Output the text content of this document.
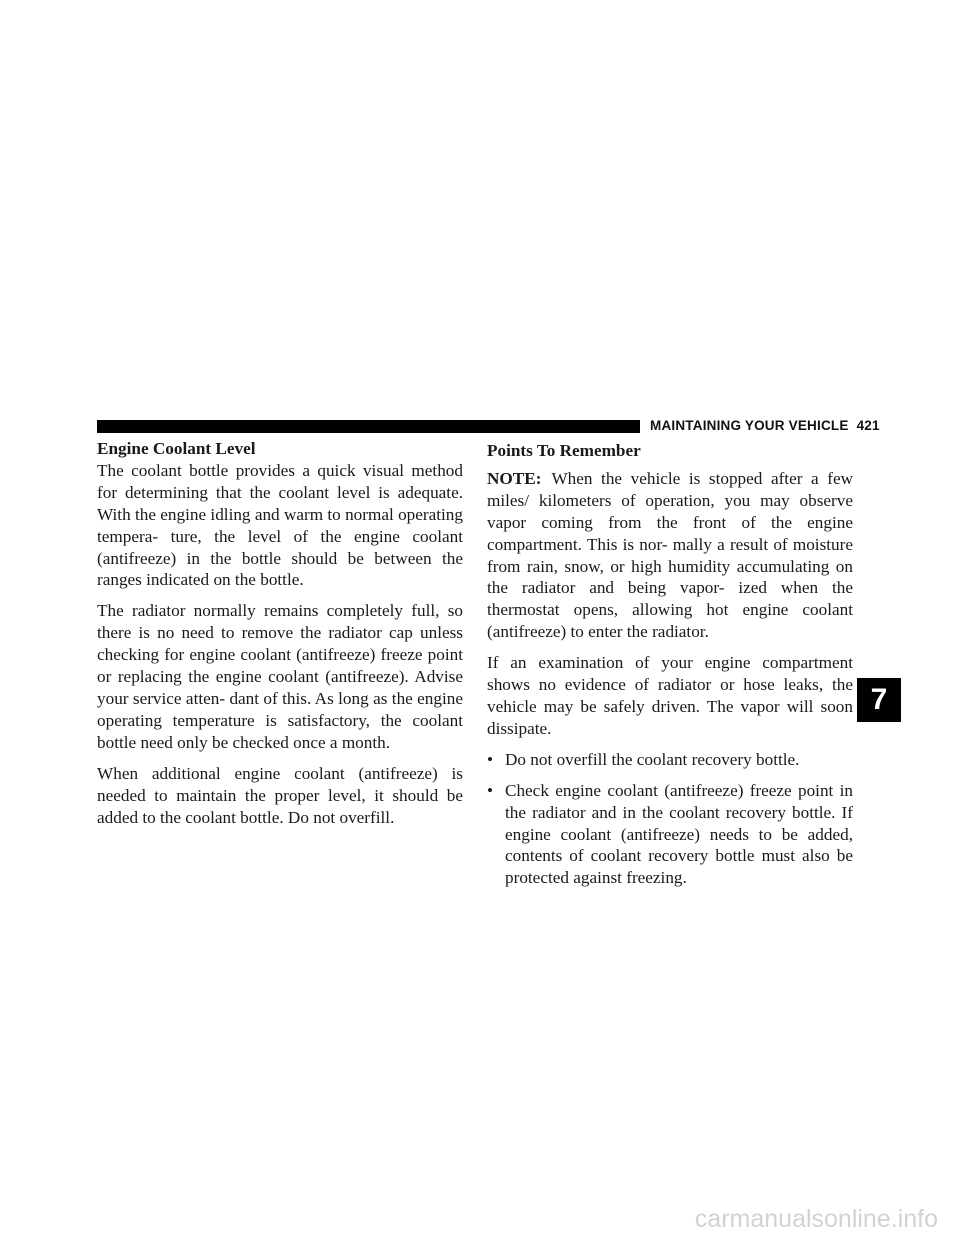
MAINTAINING YOUR VEHICLE 421
Engine Coolant Level

The coolant bottle provides a quick visual method for determining that the coolant level is adequate. With the engine idling and warm to normal operating tempera- ture, the level of the engine coolant (antifreeze) in the bottle should be between the ranges indicated on the bottle.

The radiator normally remains completely full, so there is no need to remove the radiator cap unless checking for engine coolant (antifreeze) freeze point or replacing the engine coolant (antifreeze). Advise your service atten- dant of this. As long as the engine operating temperature is satisfactory, the coolant bottle need only be checked once a month.

When additional engine coolant (antifreeze) is needed to maintain the proper level, it should be added to the coolant bottle. Do not overfill.

Points To Remember

NOTE: When the vehicle is stopped after a few miles/ kilometers of operation, you may observe vapor coming from the front of the engine compartment. This is nor- mally a result of moisture from rain, snow, or high humidity accumulating on the radiator and being vapor- ized when the thermostat opens, allowing hot engine coolant (antifreeze) to enter the radiator.

If an examination of your engine compartment shows no evidence of radiator or hose leaks, the vehicle may be safely driven. The vapor will soon dissipate.

• Do not overfill the coolant recovery bottle.
• Check engine coolant (antifreeze) freeze point in the radiator and in the coolant recovery bottle. If engine coolant (antifreeze) needs to be added, contents of coolant recovery bottle must also be protected against freezing.
7
carmanualsonline.info
